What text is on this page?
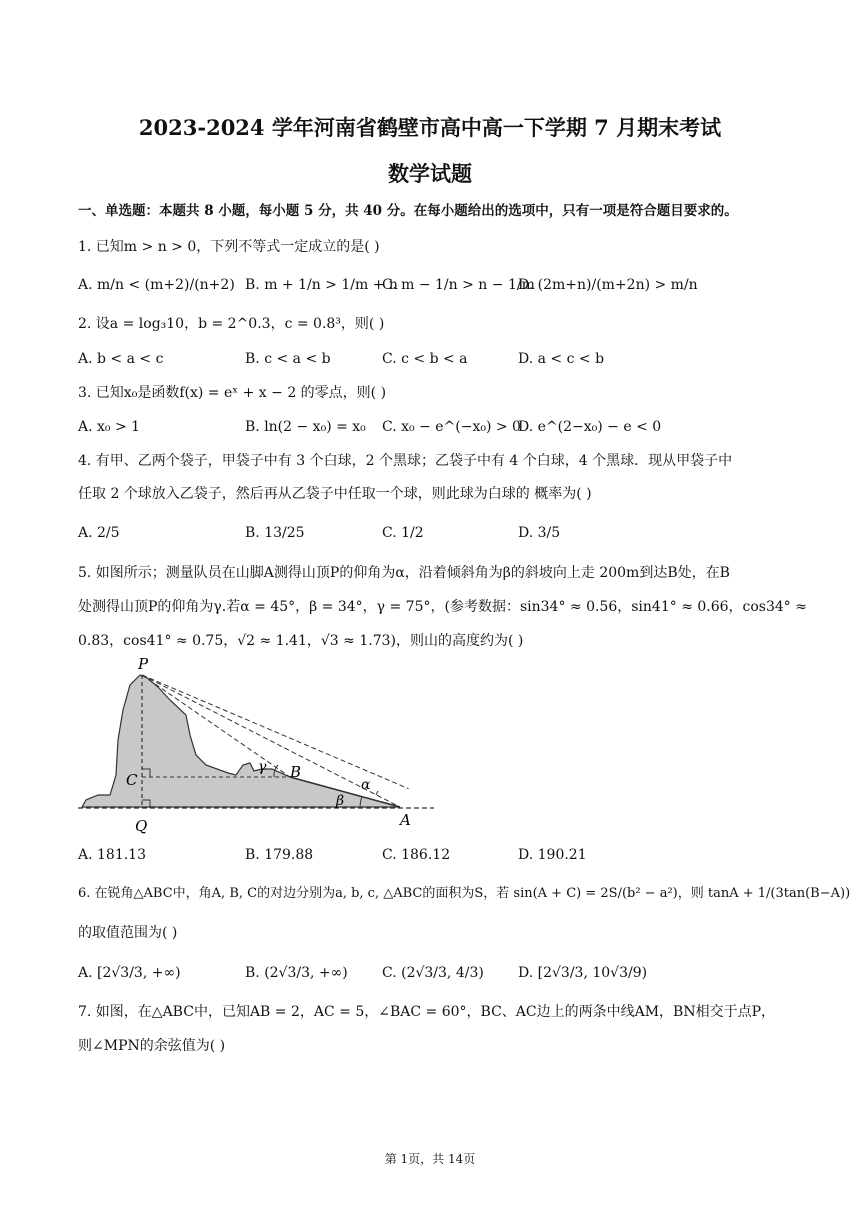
2023-2024 学年河南省鹤壁市高中高一下学期 7 月期末考试
数学试题
一、单选题：本题共 8 小题，每小题 5 分，共 40 分。在每小题给出的选项中，只有一项是符合题目要求的。
1. 已知m > n > 0，下列不等式一定成立的是( )
A. m/n < (m+2)/(n+2) B. m + 1/n > 1/m + n
C. m − 1/n > n − 1/m
D. (2m+n)/(m+2n) > m/n
2. 设a = log₃10，b = 2^0.3，c = 0.8³，则( )
A. b < a < c	B. c < a < b	C. c < b < a	D. a < c < b
3. 已知x₀是函数f(x) = eˣ + x − 2 的零点，则( )
A. x₀ > 1	B. ln(2 − x₀) = x₀ C. x₀ − e^(−x₀) > 0
D. e^(2−x₀) − e < 0
4. 有甲、乙两个袋子，甲袋子中有 3 个白球，2 个黑球；乙袋子中有 4 个白球，4 个黑球．现从甲袋子中
任取 2 个球放入乙袋子，然后再从乙袋子中任取一个球，则此球为白球的 概率为( )
A. 2/5	B. 13/25	C. 1/2	D. 3/5
5. 如图所示；测量队员在山脚A测得山顶P的仰角为α，沿着倾斜角为β的斜坡向上走 200m到达B处，在B
处测得山顶P的仰角为γ.若α = 45°，β = 34°，γ = 75°，(参考数据：sin34° ≈ 0.56，sin41° ≈ 0.66，cos34° ≈
0.83，cos41° ≈ 0.75，√2 ≈ 1.41，√3 ≈ 1.73)，则山的高度约为( )
P
C
Q
B
A
α
β
γ
A. 181.13	B. 179.88	C. 186.12	D. 190.21
6. 在锐角△ABC中，角A, B, C的对边分别为a, b, c, △ABC的面积为S，若 sin(A + C) = 2S/(b² − a²)，则 tanA + 1/(3tan(B−A))
的取值范围为( )
A. [2√3/3, +∞)	B. (2√3/3, +∞) C. (2√3/3, 4/3) D. [2√3/3, 10√3/9)
7. 如图，在△ABC中，已知AB = 2，AC = 5，∠BAC = 60°，BC、AC边上的两条中线AM，BN相交于点P，
则∠MPN的余弦值为( )
第 1页，共 14页
